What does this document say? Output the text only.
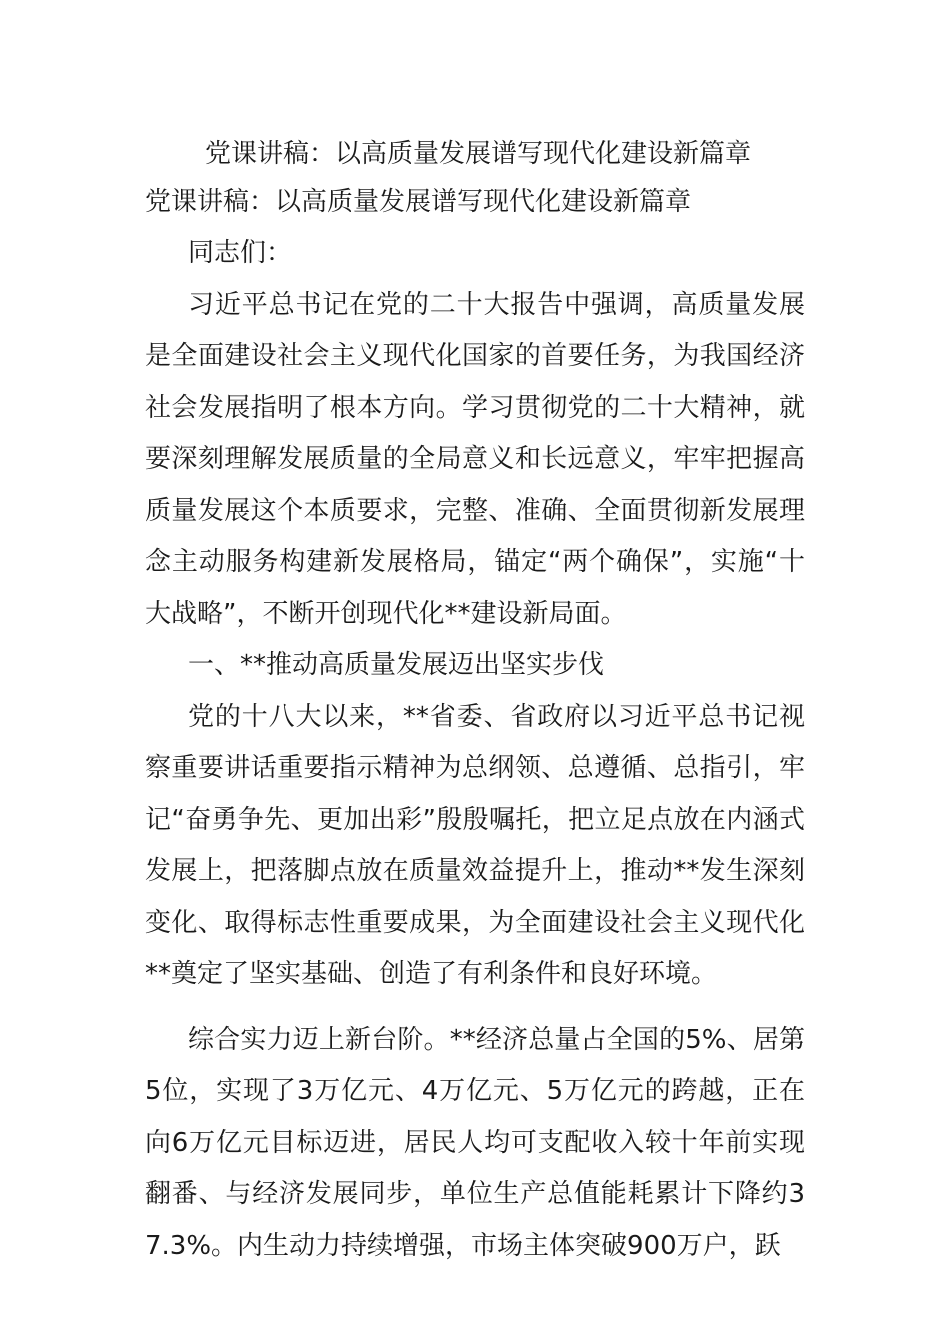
党课讲稿：以高质量发展谱写现代化建设新篇章
党课讲稿：以高质量发展谱写现代化建设新篇章

同志们：

习近平总书记在党的二十大报告中强调，高质量发展是全面建设社会主义现代化国家的首要任务，为我国经济社会发展指明了根本方向。学习贯彻党的二十大精神，就要深刻理解发展质量的全局意义和长远意义，牢牢把握高质量发展这个本质要求，完整、准确、全面贯彻新发展理念主动服务构建新发展格局，锚定“两个确保”，实施“十大战略”，不断开创现代化**建设新局面。

一、**推动高质量发展迈出坚实步伐

党的十八大以来，**省委、省政府以习近平总书记视察重要讲话重要指示精神为总纲领、总遵循、总指引，牢记“奋勇争先、更加出彩”殷殷嘱托，把立足点放在内涵式发展上，把落脚点放在质量效益提升上，推动**发生深刻变化、取得标志性重要成果，为全面建设社会主义现代化**奠定了坚实基础、创造了有利条件和良好环境。

综合实力迈上新台阶。**经济总量占全国的5%、居第5位，实现了3万亿元、4万亿元、5万亿元的跨越，正在向6万亿元目标迈进，居民人均可支配收入较十年前实现翻番、与经济发展同步，单位生产总值能耗累计下降约37.3%。内生动力持续增强，市场主体突破900万户，跃
